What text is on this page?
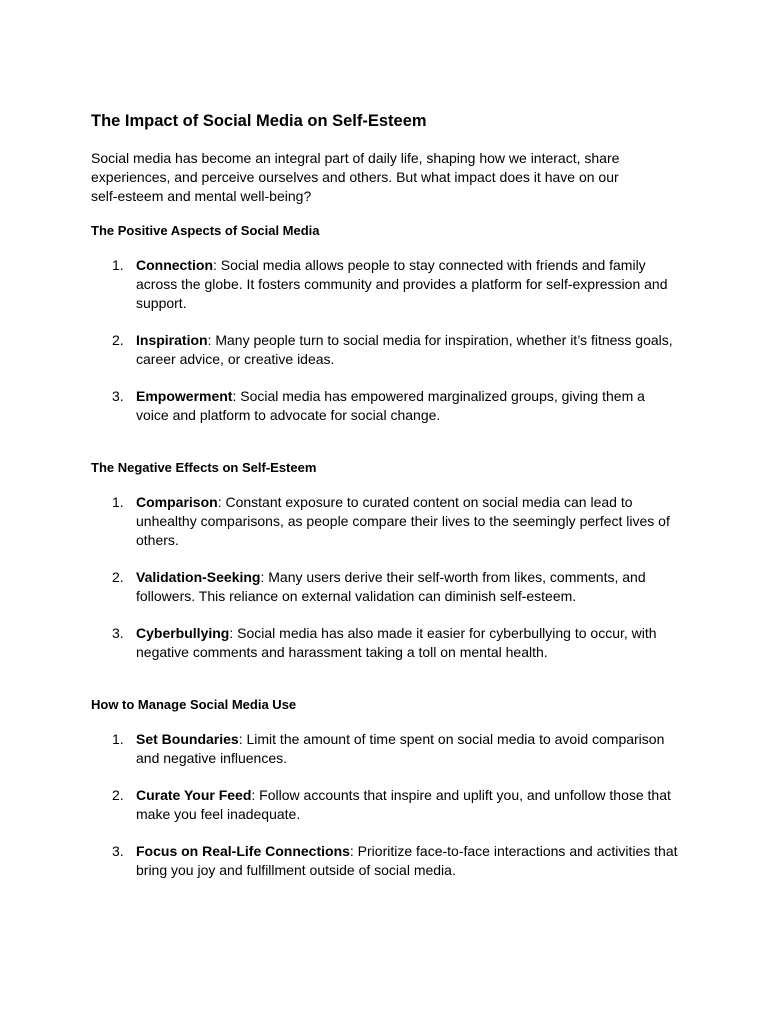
The Impact of Social Media on Self-Esteem

Social media has become an integral part of daily life, shaping how we interact, share experiences, and perceive ourselves and others. But what impact does it have on our self-esteem and mental well-being?

The Positive Aspects of Social Media
1. Connection: Social media allows people to stay connected with friends and family across the globe. It fosters community and provides a platform for self-expression and support.
2. Inspiration: Many people turn to social media for inspiration, whether it’s fitness goals, career advice, or creative ideas.
3. Empowerment: Social media has empowered marginalized groups, giving them a voice and platform to advocate for social change.
The Negative Effects on Self-Esteem
1. Comparison: Constant exposure to curated content on social media can lead to unhealthy comparisons, as people compare their lives to the seemingly perfect lives of others.
2. Validation-Seeking: Many users derive their self-worth from likes, comments, and followers. This reliance on external validation can diminish self-esteem.
3. Cyberbullying: Social media has also made it easier for cyberbullying to occur, with negative comments and harassment taking a toll on mental health.
How to Manage Social Media Use
1. Set Boundaries: Limit the amount of time spent on social media to avoid comparison and negative influences.
2. Curate Your Feed: Follow accounts that inspire and uplift you, and unfollow those that make you feel inadequate.
3. Focus on Real-Life Connections: Prioritize face-to-face interactions and activities that bring you joy and fulfillment outside of social media.
